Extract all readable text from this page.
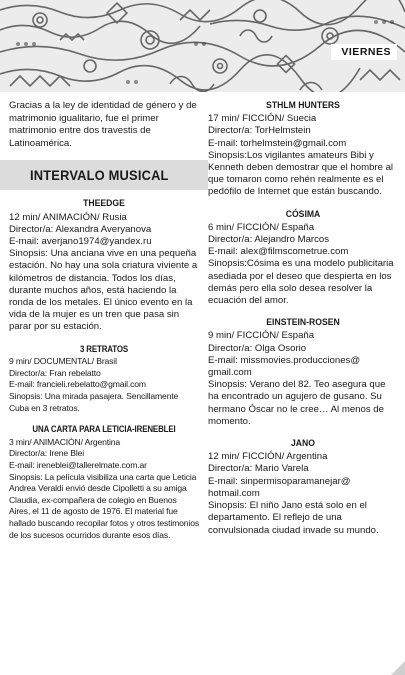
VIERNES

Gracias a la ley de identidad de género y de matrimonio igualitario, fue el primer matrimonio entre dos travestis de Latinoamérica.

INTERVALO MUSICAL
THEEDGE

12 min/ ANIMACIÓN/ Rusia

Director/a: Alexandra Averyanova

E-mail: averjano1974@yandex.ru

Sinopsis: Una anciana vive en una pequeña estación. No hay una sola criatura viviente a kilómetros de distancia. Todos los días, durante muchos años, está haciendo la ronda de los metales. El único evento en la vida de la mujer es un tren que pasa sin parar por su estación.

3 RETRATOS

9 min/ DOCUMENTAL/ Brasil

Director/a: Fran rebelatto

E-mail: francieli.rebelatto@gmail.com

Sinopsis: Una mirada pasajera. Sencillamente Cuba en 3 retratos.

UNA CARTA PARA LETICIA-IRENEBLEI

3 min/ ANIMACIÓN/ Argentina

Director/a: Irene Blei

E-mail: ireneblei@tallerelmate.com.ar

Sinopsis: La película visibiliza una carta que Leticia Andrea Veraldi envió desde Cipolletti a su amiga Claudia, ex-compañera de colegio en Buenos Aires, el 11 de agosto de 1976. El material fue hallado buscando recopilar fotos y otros testimonios de los sucesos ocurridos durante esos días.

STHLM HUNTERS

17 min/ FICCIÓN/ Suecia

Director/a: TorHelmstein

E-mail: torhelmstein@gmail.com

Sinopsis:Los vigilantes amateurs Bibi y Kenneth deben demostrar que el hombre al que tomaron como rehén realmente es el pedófilo de Internet que están buscando.

CÓSIMA

6 min/ FICCIÓN/ España

Director/a: Alejandro Marcos

E-mail: alex@filmscometrue.com

Sinopsis:Cósima es una modelo publicitaria asediada por el deseo que despierta en los demás pero ella solo desea resolver la ecuación del amor.

EINSTEIN-ROSEN

9 min/ FICCIÓN/ España

Director/a: Olga Osorio

E-mail: missmovies.producciones@ gmail.com

Sinopsis: Verano del 82. Teo asegura que ha encontrado un agujero de gusano. Su hermano Óscar no le cree… Al menos de momento.

JANO

12 min/ FICCIÓN/ Argentina

Director/a: Mario Varela

E-mail: sinpermisoparamanejar@ hotmail.com

Sinopsis: El niño Jano está solo en el departamento. El reflejo de una convulsionada ciudad invade su mundo.
